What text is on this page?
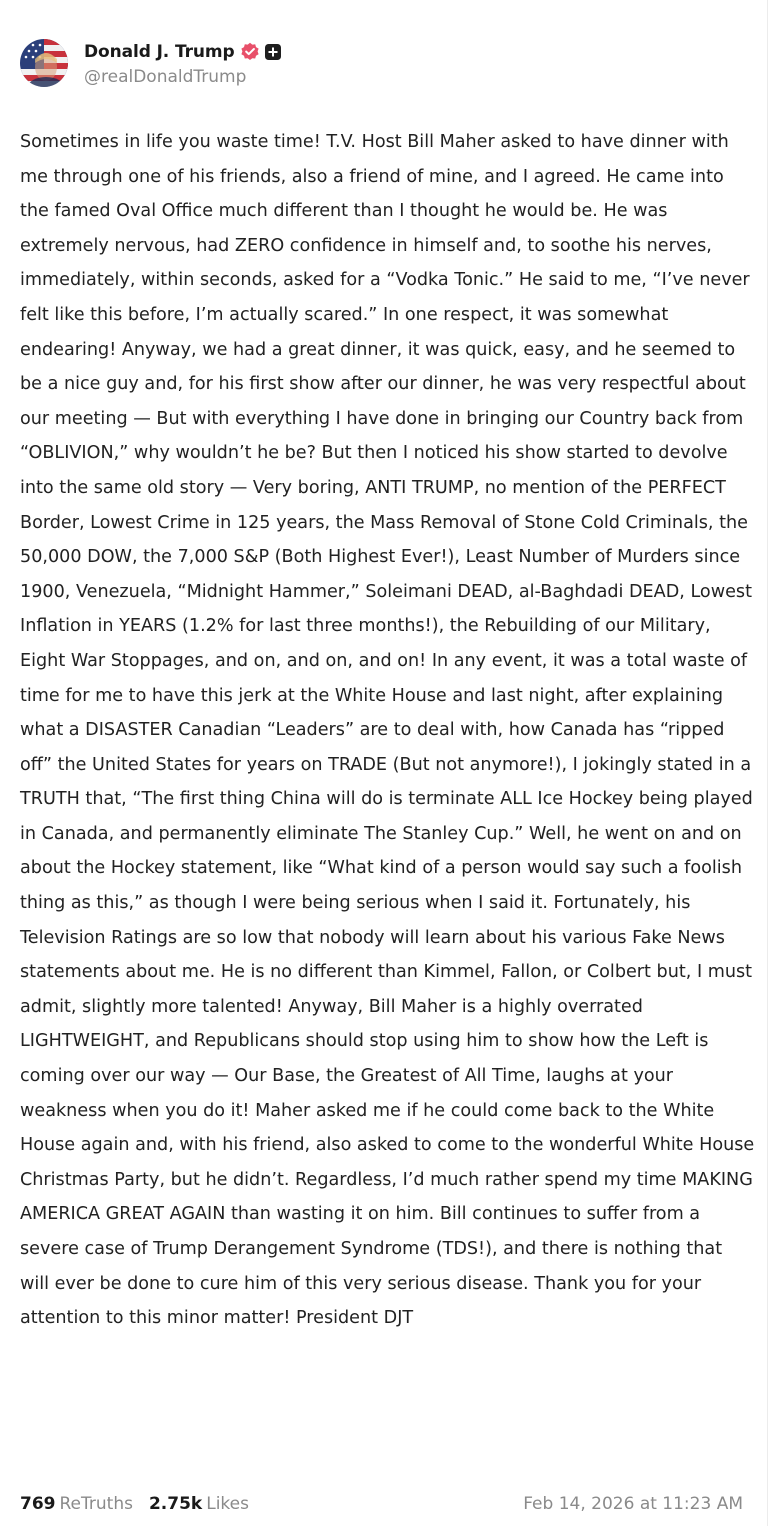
Donald J. Trump
@realDonaldTrump

Sometimes in life you waste time! T.V. Host Bill Maher asked to have dinner with me through one of his friends, also a friend of mine, and I agreed. He came into the famed Oval Office much different than I thought he would be. He was extremely nervous, had ZERO confidence in himself and, to soothe his nerves, immediately, within seconds, asked for a “Vodka Tonic.” He said to me, “I’ve never felt like this before, I’m actually scared.” In one respect, it was somewhat endearing! Anyway, we had a great dinner, it was quick, easy, and he seemed to be a nice guy and, for his first show after our dinner, he was very respectful about our meeting — But with everything I have done in bringing our Country back from “OBLIVION,” why wouldn’t he be? But then I noticed his show started to devolve into the same old story — Very boring, ANTI TRUMP, no mention of the PERFECT Border, Lowest Crime in 125 years, the Mass Removal of Stone Cold Criminals, the 50,000 DOW, the 7,000 S&P (Both Highest Ever!), Least Number of Murders since 1900, Venezuela, “Midnight Hammer,” Soleimani DEAD, al-Baghdadi DEAD, Lowest Inflation in YEARS (1.2% for last three months!), the Rebuilding of our Military, Eight War Stoppages, and on, and on, and on! In any event, it was a total waste of time for me to have this jerk at the White House and last night, after explaining what a DISASTER Canadian “Leaders” are to deal with, how Canada has “ripped off” the United States for years on TRADE (But not anymore!), I jokingly stated in a TRUTH that, “The first thing China will do is terminate ALL Ice Hockey being played in Canada, and permanently eliminate The Stanley Cup.” Well, he went on and on about the Hockey statement, like “What kind of a person would say such a foolish thing as this,” as though I were being serious when I said it. Fortunately, his Television Ratings are so low that nobody will learn about his various Fake News statements about me. He is no different than Kimmel, Fallon, or Colbert but, I must admit, slightly more talented! Anyway, Bill Maher is a highly overrated LIGHTWEIGHT, and Republicans should stop using him to show how the Left is coming over our way — Our Base, the Greatest of All Time, laughs at your weakness when you do it! Maher asked me if he could come back to the White House again and, with his friend, also asked to come to the wonderful White House Christmas Party, but he didn’t. Regardless, I’d much rather spend my time MAKING AMERICA GREAT AGAIN than wasting it on him. Bill continues to suffer from a severe case of Trump Derangement Syndrome (TDS!), and there is nothing that will ever be done to cure him of this very serious disease. Thank you for your attention to this minor matter! President DJT

769 ReTruths 2.75k Likes	Feb 14, 2026 at 11:23 AM
